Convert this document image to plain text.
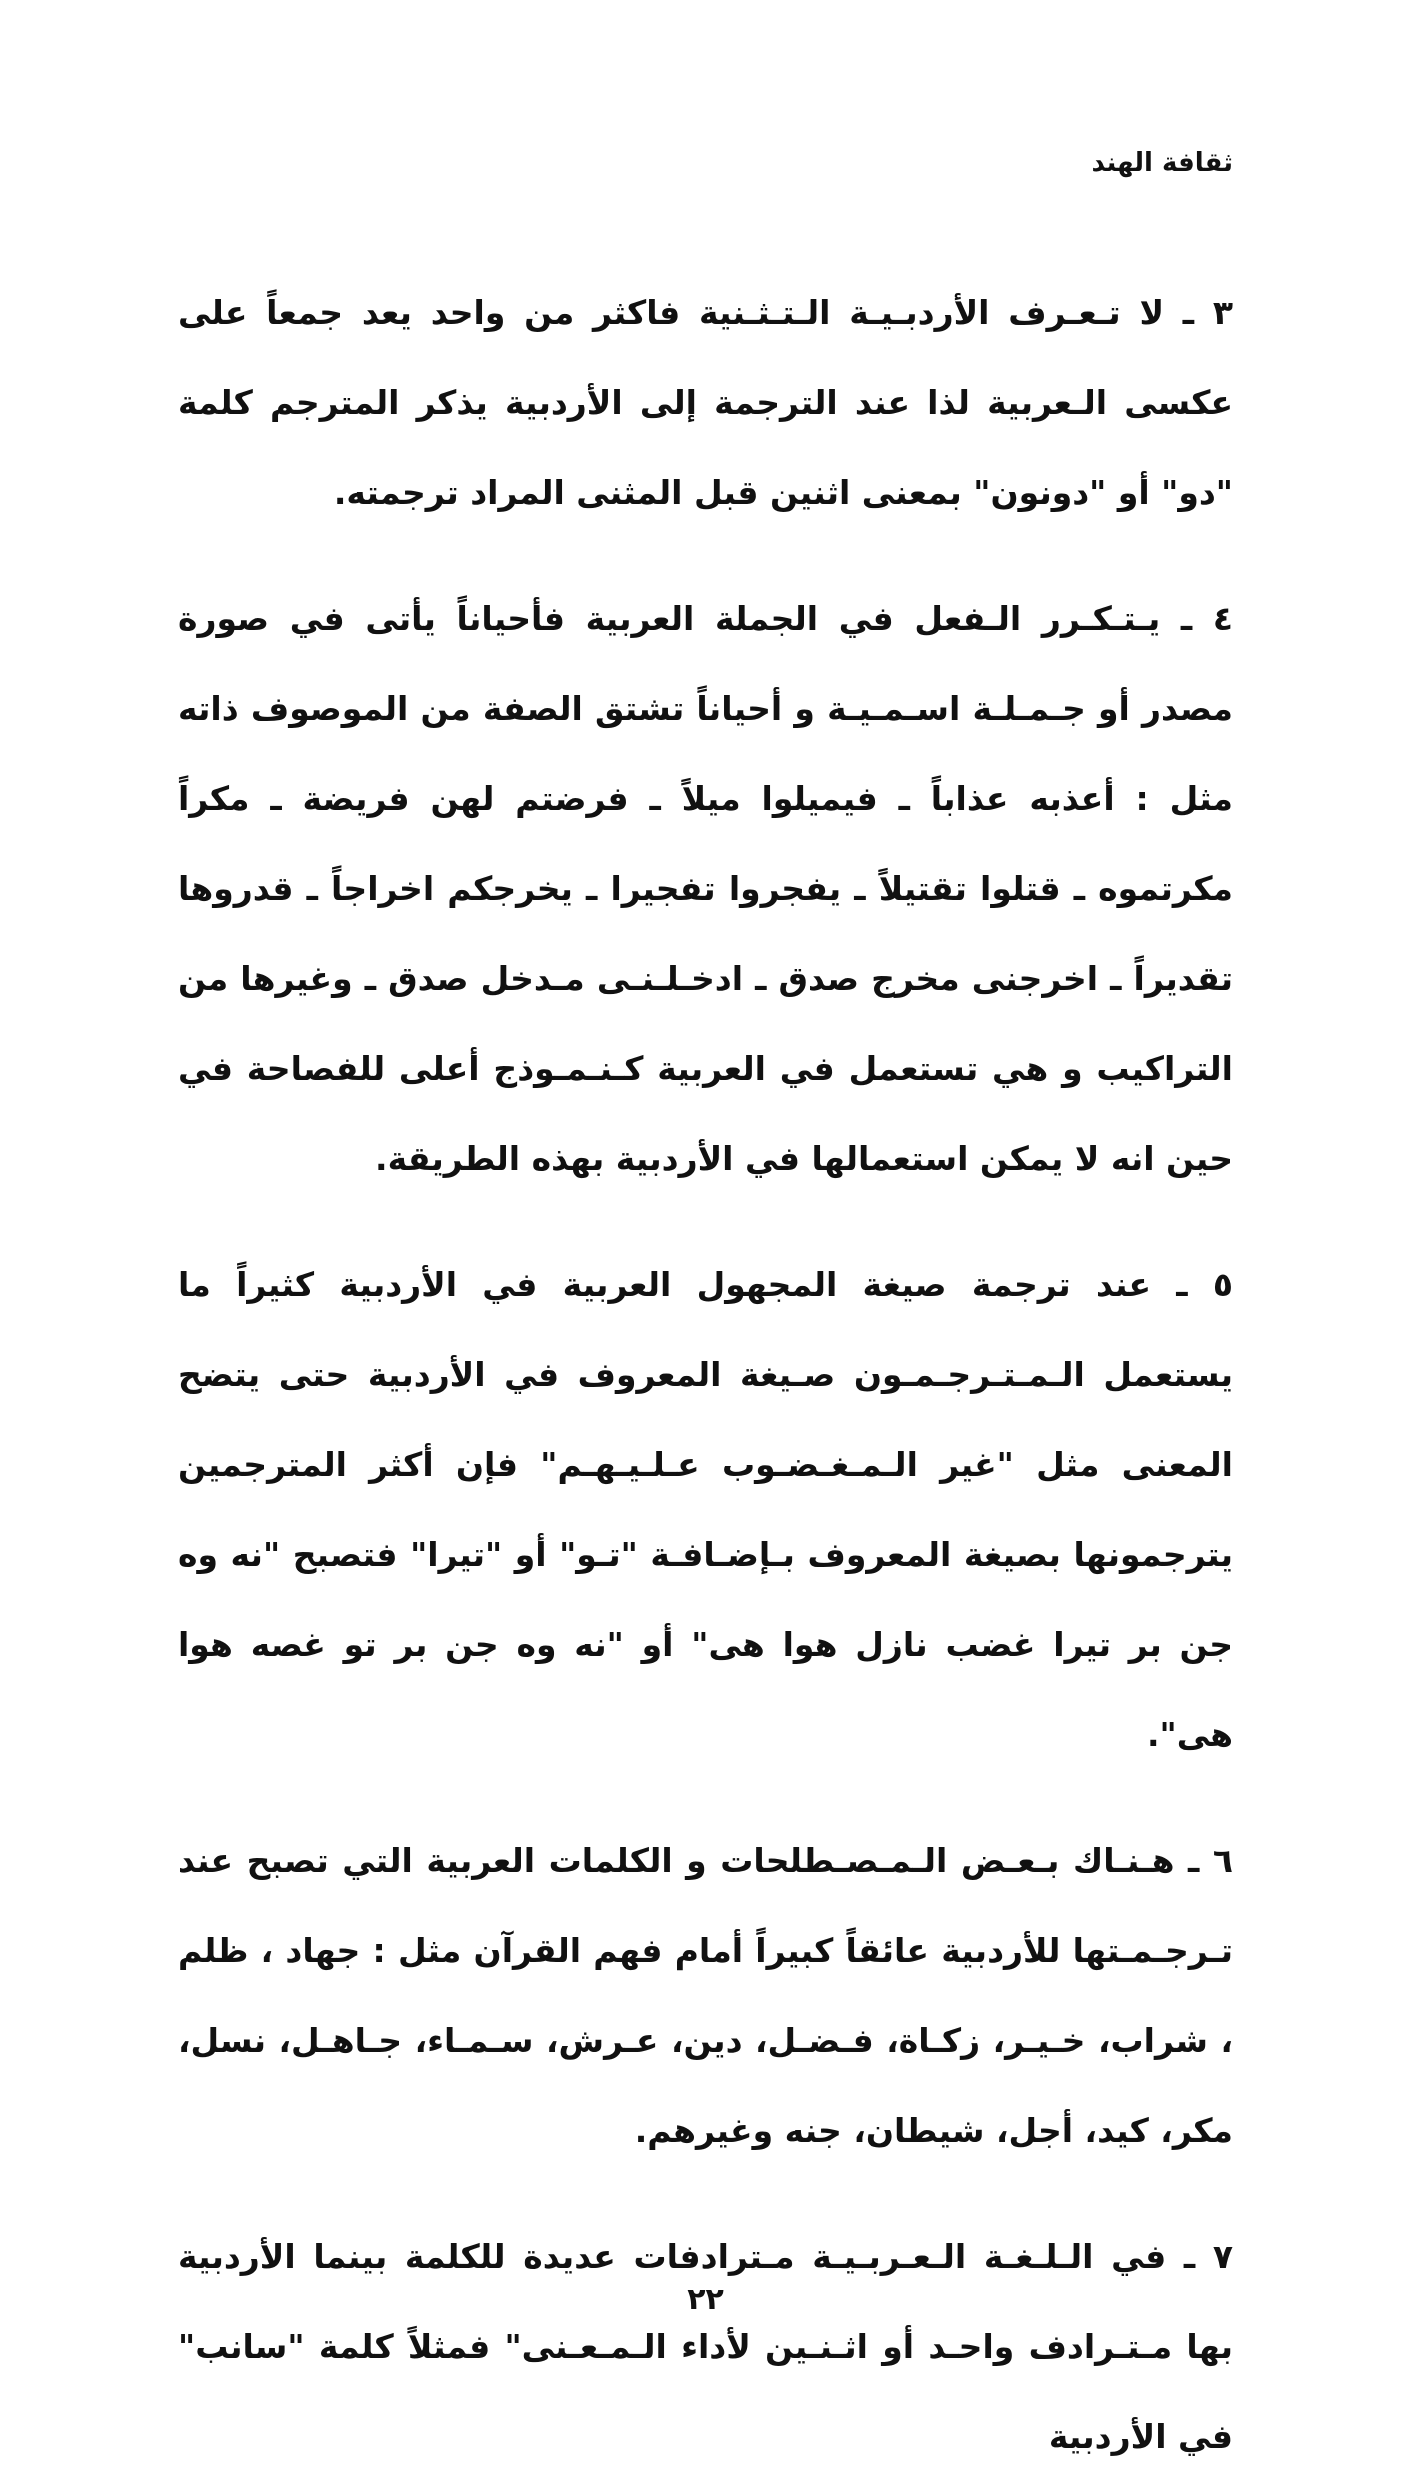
ثقافة الهند

٣ ـ لا تـعـرف الأردبـيـة الـتـثـنية فاكثر من واحد يعد جمعاً على عكسى الـعربية لذا عند الترجمة إلى الأردبية يذكر المترجم كلمة "دو" أو "دونون" بمعنى اثنين قبل المثنى المراد ترجمته.

٤ ـ يـتـكـرر الـفعل في الجملة العربية فأحياناً يأتى في صورة مصدر أو جـمـلـة اسـمـيـة و أحياناً تشتق الصفة من الموصوف ذاته مثل : أعذبه عذاباً ـ فيميلوا ميلاً ـ فرضتم لهن فريضة ـ مكراً مكرتموه ـ قتلوا تقتيلاً ـ يفجروا تفجيرا ـ يخرجكم اخراجاً ـ قدروها تقديراً ـ اخرجنى مخرج صدق ـ ادخـلـنـى مـدخل صدق ـ وغيرها من التراكيب و هي تستعمل في العربية كـنـمـوذج أعلى للفصاحة في حين انه لا يمكن استعمالها في الأردبية بهذه الطريقة.

٥ ـ عند ترجمة صيغة المجهول العربية في الأردبية كثيراً ما يستعمل الـمـتـرجـمـون صـيغة المعروف في الأردبية حتى يتضح المعنى مثل "غير الـمـغـضـوب عـلـيـهـم" فإن أكثر المترجمين يترجمونها بصيغة المعروف بـإضـافـة "تـو" أو "تيرا" فتصبح "نه وه جن بر تيرا غضب نازل هوا هى" أو "نه وه جن بر تو غصه هوا هى".

٦ ـ هـنـاك بـعـض الـمـصـطلحات و الكلمات العربية التي تصبح عند تـرجـمـتها للأردبية عائقاً كبيراً أمام فهم القرآن مثل : جهاد ، ظلم ، شراب، خـيـر، زكـاة، فـضـل، دين، عـرش، سـمـاء، جـاهـل، نسل، مكر، كيد، أجل، شيطان، جنه وغيرهم.

٧ ـ في الـلـغـة الـعـربـيـة مـترادفات عديدة للكلمة بينما الأردبية بها مـتـرادف واحـد أو اثـنـين لأداء الـمـعـنى" فمثلاً كلمة "سانب" في الأردبية

٢٢
